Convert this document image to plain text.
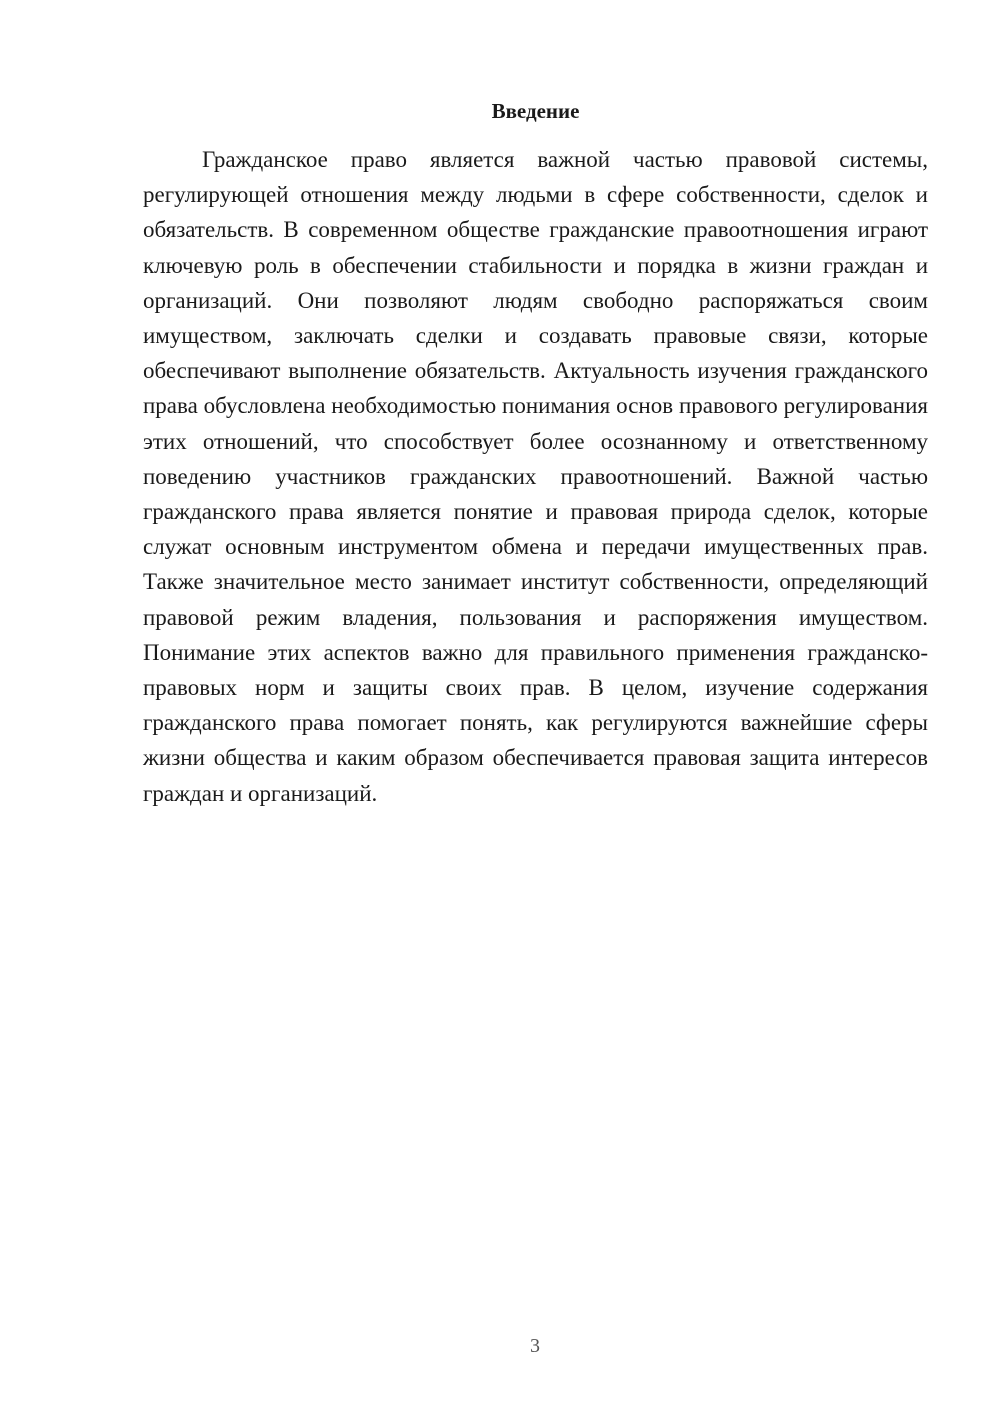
Введение

Гражданское право является важной частью правовой системы, регулирующей отношения между людьми в сфере собственности, сделок и обязательств. В современном обществе гражданские правоотношения играют ключевую роль в обеспечении стабильности и порядка в жизни граждан и организаций. Они позволяют людям свободно распоряжаться своим имуществом, заключать сделки и создавать правовые связи, которые обеспечивают выполнение обязательств. Актуальность изучения гражданского права обусловлена необходимостью понимания основ правового регулирования этих отношений, что способствует более осознанному и ответственному поведению участников гражданских правоотношений. Важной частью гражданского права является понятие и правовая природа сделок, которые служат основным инструментом обмена и передачи имущественных прав. Также значительное место занимает институт собственности, определяющий правовой режим владения, пользования и распоряжения имуществом. Понимание этих аспектов важно для правильного применения гражданско-правовых норм и защиты своих прав. В целом, изучение содержания гражданского права помогает понять, как регулируются важнейшие сферы жизни общества и каким образом обеспечивается правовая защита интересов граждан и организаций.

3
